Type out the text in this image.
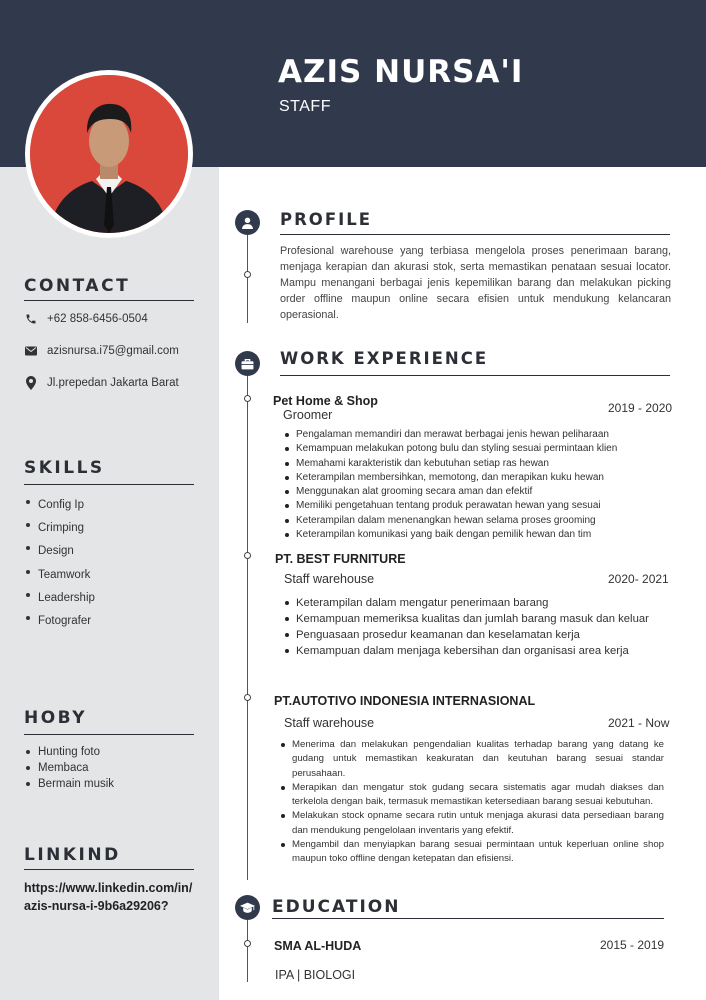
AZIS NURSA'I
STAFF
CONTACT
+62 858-6456-0504
azisnursa.i75@gmail.com
Jl.prepedan Jakarta Barat
SKILLS
Config Ip
Crimping
Design
Teamwork
Leadership
Fotografer
HOBY
Hunting foto
Membaca
Bermain musik
LINKIND
https://www.linkedin.com/in/azis-nursa-i-9b6a29206?
PROFILE
Profesional warehouse yang terbiasa mengelola proses penerimaan barang, menjaga kerapian dan akurasi stok, serta memastikan penataan sesuai locator. Mampu menangani berbagai jenis kepemilikan barang dan melakukan picking order offline maupun online secara efisien untuk mendukung kelancaran operasional.
WORK EXPERIENCE
Pet Home & Shop
Groomer	2019 - 2020
Pengalaman memandiri dan merawat berbagai jenis hewan peliharaan
Kemampuan melakukan potong bulu dan styling sesuai permintaan klien
Memahami karakteristik dan kebutuhan setiap ras hewan
Keterampilan membersihkan, memotong, dan merapikan kuku hewan
Menggunakan alat grooming secara aman dan efektif
Memiliki pengetahuan tentang produk perawatan hewan yang sesuai
Keterampilan dalam menenangkan hewan selama proses grooming
Keterampilan komunikasi yang baik dengan pemilik hewan dan tim
PT. BEST FURNITURE
Staff warehouse	2020- 2021
Keterampilan dalam mengatur penerimaan barang
Kemampuan memeriksa kualitas dan jumlah barang masuk dan keluar
Penguasaan prosedur keamanan dan keselamatan kerja
Kemampuan dalam menjaga kebersihan dan organisasi area kerja
PT.AUTOTIVO INDONESIA INTERNASIONAL
Staff warehouse	2021 - Now
Menerima dan melakukan pengendalian kualitas terhadap barang yang datang ke gudang untuk memastikan keakuratan dan keutuhan barang sesuai standar perusahaan.
Merapikan dan mengatur stok gudang secara sistematis agar mudah diakses dan terkelola dengan baik, termasuk memastikan ketersediaan barang sesuai kebutuhan.
Melakukan stock opname secara rutin untuk menjaga akurasi data persediaan barang dan mendukung pengelolaan inventaris yang efektif.
Mengambil dan menyiapkan barang sesuai permintaan untuk keperluan online shop maupun toko offline dengan ketepatan dan efisiensi.
EDUCATION
SMA AL-HUDA	2015 - 2019
IPA | BIOLOGI
